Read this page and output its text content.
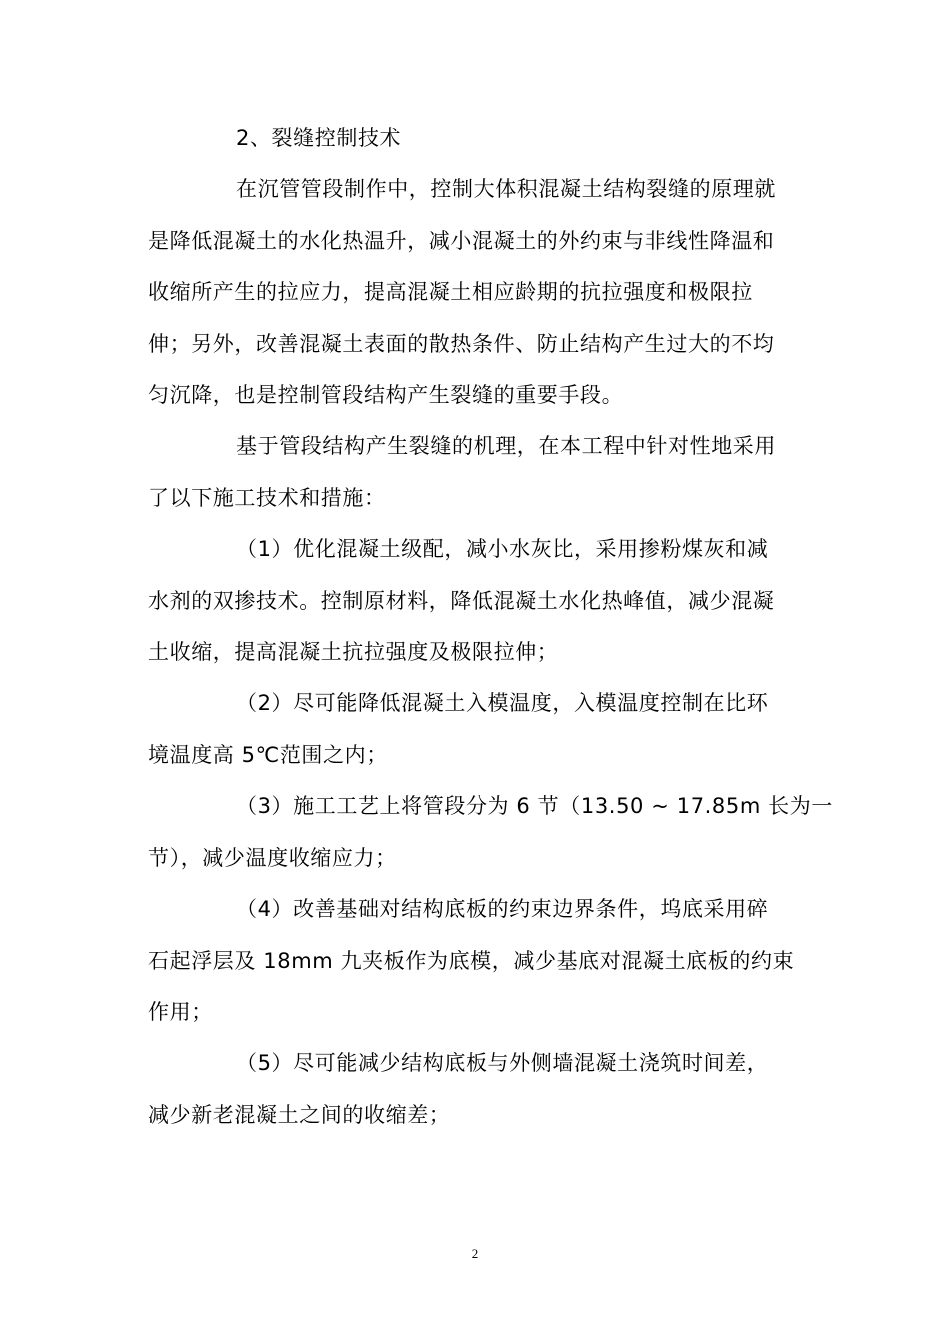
2、裂缝控制技术
在沉管管段制作中，控制大体积混凝土结构裂缝的原理就
是降低混凝土的水化热温升，减小混凝土的外约束与非线性降温和
收缩所产生的拉应力，提高混凝土相应龄期的抗拉强度和极限拉
伸；另外，改善混凝土表面的散热条件、防止结构产生过大的不均
匀沉降，也是控制管段结构产生裂缝的重要手段。
基于管段结构产生裂缝的机理，在本工程中针对性地采用
了以下施工技术和措施：
（1）优化混凝土级配，减小水灰比，采用掺粉煤灰和减
水剂的双掺技术。控制原材料，降低混凝土水化热峰值，减少混凝
土收缩，提高混凝土抗拉强度及极限拉伸；
（2）尽可能降低混凝土入模温度，入模温度控制在比环
境温度高 5℃范围之内；
（3）施工工艺上将管段分为 6 节（13.50 ~ 17.85m 长为一
节），减少温度收缩应力；
（4）改善基础对结构底板的约束边界条件，坞底采用碎
石起浮层及 18mm 九夹板作为底模，减少基底对混凝土底板的约束
作用；
（5）尽可能减少结构底板与外侧墙混凝土浇筑时间差，
减少新老混凝土之间的收缩差；
2
